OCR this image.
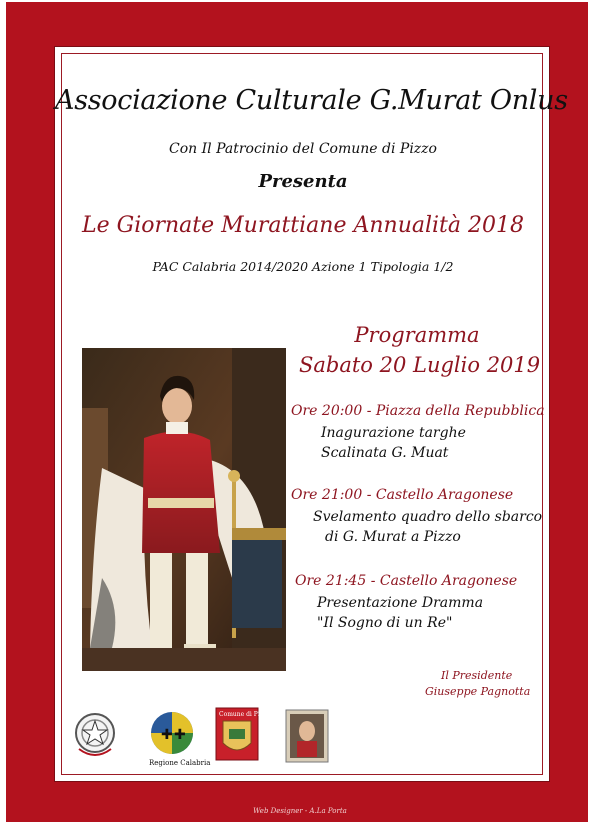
Associazione Culturale G.Murat Onlus
Con Il Patrocinio del Comune di Pizzo
Presenta
Le Giornate Murattiane Annualità 2018
PAC Calabria 2014/2020 Azione 1 Tipologia 1/2
Programma
Sabato 20 Luglio 2019
Ore 20:00 - Piazza della Repubblica
Inagurazione targhe
Scalinata G. Muat
Ore 21:00 - Castello Aragonese
Svelamento quadro dello sbarco
di G. Murat a Pizzo
Ore 21:45 - Castello Aragonese
Presentazione Dramma
"Il Sogno di un Re"
Il Presidente
Giuseppe Pagnotta
✚ ✚
Regione Calabria
Comune di Pizzo
Web Designer - A.La Porta
